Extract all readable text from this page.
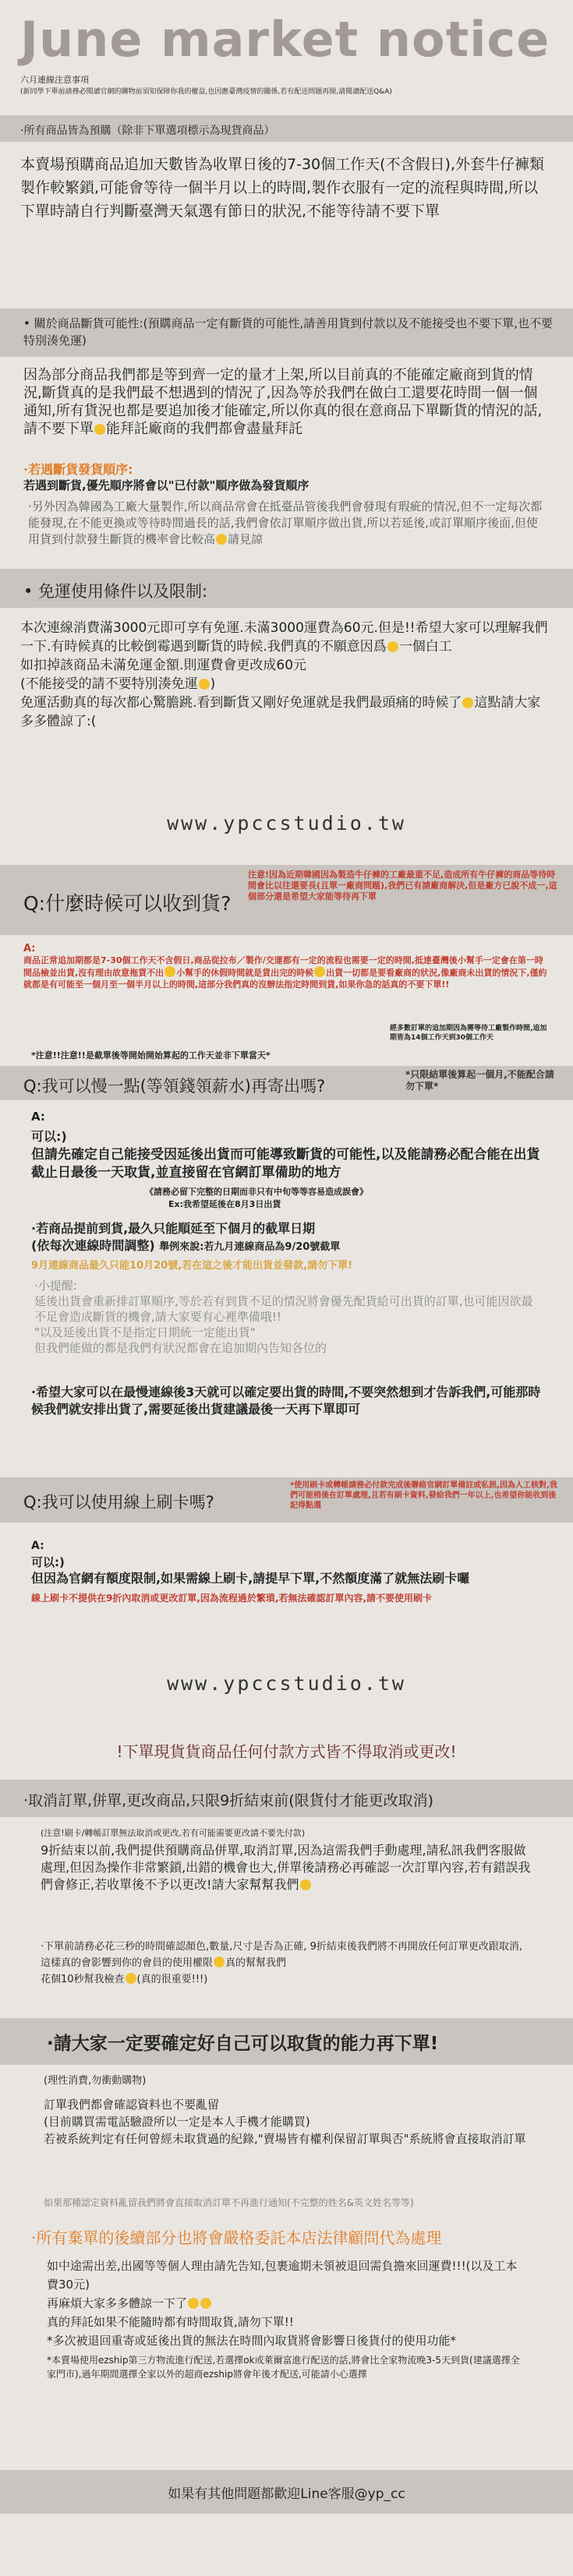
June market notice
六月連線注意事項
(新同學下單前請務必閱讀官網的購物前須知保障你我的權益,也因應臺灣疫情的關係,若有配送問題再開,請閱讀配送Q&A)
·所有商品皆為預購（除非下單選項標示為現貨商品）
本賣場預購商品追加天數皆為收單日後的7-30個工作天(不含假日),外套牛仔褲類製作較繁鎖,可能會等待一個半月以上的時間,製作衣服有一定的流程與時間,所以下單時請自行判斷臺灣天氣選有節日的狀況,不能等待請不要下單
• 關於商品斷貨可能性:(預購商品一定有斷貨的可能性,請善用貨到付款以及不能接受也不要下單,也不要特別湊免運)
因為部分商品我們都是等到齊一定的量才上架,所以目前真的不能確定廠商到貨的情況,斷貨真的是我們最不想遇到的情況了,因為等於我們在做白工還要花時間一個一個通知,所有貨況也都是要追加後才能確定,所以你真的很在意商品下單斷貨的情況的話,請不要下單 能拜託廠商的我們都會盡量拜託
·若遇斷貨發貨順序:
若遇到斷貨,優先順序將會以"已付款"順序做為發貨順序
·另外因為韓國為工廠大量製作,所以商品常會在抵臺品管後我們會發現有瑕疵的情況,但不一定每次都能發現,在不能更換或等待時間過長的話,我們會依訂單順序做出貨,所以若延後,或訂單順序後面,但使用貨到付款發生斷貨的機率會比較高 請見諒
• 免運使用條件以及限制:
本次連線消費滿3000元即可享有免運.未滿3000運費為60元.但是!!希望大家可以理解我們一下.有時候真的比較倒霉遇到斷貨的時候.我們真的不願意因爲 一個白工
如扣掉該商品未滿免運金額.則運費會更改成60元
(不能接受的請不要特別湊免運 )
免運活動真的每次都心驚膽跳.看到斷貨又剛好免運就是我們最頭痛的時候了 這點請大家多多體諒了:(
www.ypccstudio.tw
Q:什麼時候可以收到貨?
注意!因為近期韓國因為製造牛仔褲的工廠最重不足,造成所有牛仔褲的商品等待時間會比以往還要長(且單一廠商問題),我們已有請廠商解決,但是廠方已說不成一,這個部分還是希望大家能等待再下單
A:
商品正常追加期都是7-30個工作天不含假日,商品從拉布／製作/交運都有一定的流程也需要一定的時間,抵達臺灣後小幫手一定會在第一時間品檢並出貨,沒有理由故意拖貨不出 小幫手的休假時間就是貨出完的時候 出貨一切都是要看廠商的狀況,像廠商未出貨的情況下,僅約就都是有可能至一個月至一個半月以上的時間,這部分我們真的沒辦法指定時間到貨,如果你急的話真的不要下單!!
經多數訂單的追加期因為需等待工廠製作時間,追加期皆為14個工作天到30個工作天
*注意!!注意!!是截單後等開始開始算起的工作天並非下單當天*
Q:我可以慢一點(等領錢領薪水)再寄出嗎?
*只限結單後算起一個月,不能配合請勿下單*
A:
可以:)
但請先確定自己能接受因延後出貨而可能導致斷貨的可能性,以及能請務必配合能在出貨截止日最後一天取貨,並直接留在官網訂單備助的地方
《請務必留下完整的日期而非只有中旬等等容易造成誤會》
Ex:我希望延後在8月3日出貨
·若商品提前到貨,最久只能順延至下個月的截單日期
(依每次連線時間調整) 舉例來說:若九月連線商品為9/20號截單
9月連線商品最久只能10月20號,若在這之後才能出貨並發款,請勿下單!
·小提醒:
延後出貨會重新排訂單順序,等於若有到貨不足的情況將會優先配貨給可出貨的訂單,也可能因欲最不足會造成斷貨的機會,請大家要有心裡準備哦!!
"以及延後出貨不是指定日期統一定能出貨"
但我們能做的都是我們有狀況都會在追加期內告知各位的
·希望大家可以在最慢連線後3天就可以確定要出貨的時間,不要突然想到才告訴我們,可能那時候我們就安排出貨了,需要延後出貨建議最後一天再下單即可
Q:我可以使用線上刷卡嗎?
*使用刷卡或轉帳請務必付款完成後聯絡官網訂單備註或私訊,因為人工核對,我們可能稍後在訂單處理,且若有刷卡資料,發給我們一年以上,也希望你能收到後記得點選
A:
可以:)
但因為官網有額度限制,如果需線上刷卡,請提早下單,不然額度滿了就無法刷卡囉
線上刷卡不提供在9折內取消或更改訂單,因為流程過於繁瑣,若無法確認訂單內容,請不要使用刷卡
www.ypccstudio.tw
!下單現貨貨商品任何付款方式皆不得取消或更改!
·取消訂單,併單,更改商品,只限9折結束前(限貨付才能更改取消)
(注意!刷卡/轉帳訂單無法取消或更改,若有可能需要更改請不要先付款)
9折結束以前,我們提供預購商品併單,取消訂單,因為這需我們手動處理,請私訊我們客服做處理,但因為操作非常繁鎖,出錯的機會也大,併單後請務必再確認一次訂單內容,若有錯誤我們會修正,若收單後不予以更改!請大家幫幫我們
·下單前請務必花三秒的時間確認顏色,數量,尺寸是否為正確, 9折結束後我們將不再開放任何訂單更改跟取消,這樣真的會影響到你的會員的使用權限 真的幫幫我們
花個10秒幫我檢查 (真的很重要!!!)
·請大家一定要確定好自己可以取貨的能力再下單!
(理性消費,勿衝動購物)
訂單我們都會確認資料也不要亂留
(目前購買需電話驗證所以一定是本人手機才能購買)
若被系統判定有任何曾經未取貨過的紀錄,"賣場皆有權利保留訂單與否"系統將會直接取消訂單
如果那種認定資料亂留我們將會直接取消訂單不再進行通知(不完整的姓名&英文姓名等等)
·所有棄單的後續部分也將會嚴格委託本店法律顧問代為處理
如中途需出差,出國等等個人理由請先告知,包裹逾期未領被退回需負擔來回運費!!!(以及工本費30元)
再麻煩大家多多體諒一下了
真的拜託如果不能隨時都有時間取貨,請勿下單!!
*多次被退回重寄或延後出貨的無法在時間內取貨將會影響日後貨付的使用功能*
*本賣場使用ezship第三方物流進行配送,若選擇ok或萊爾富進行配送的話,將會比全家物流晚3-5天到貨(建議選擇全家門市),過年期間選擇全家以外的超商ezship將會年後才配送,可能請小心選擇
如果有其他問題都歡迎Line客服@yp_cc
